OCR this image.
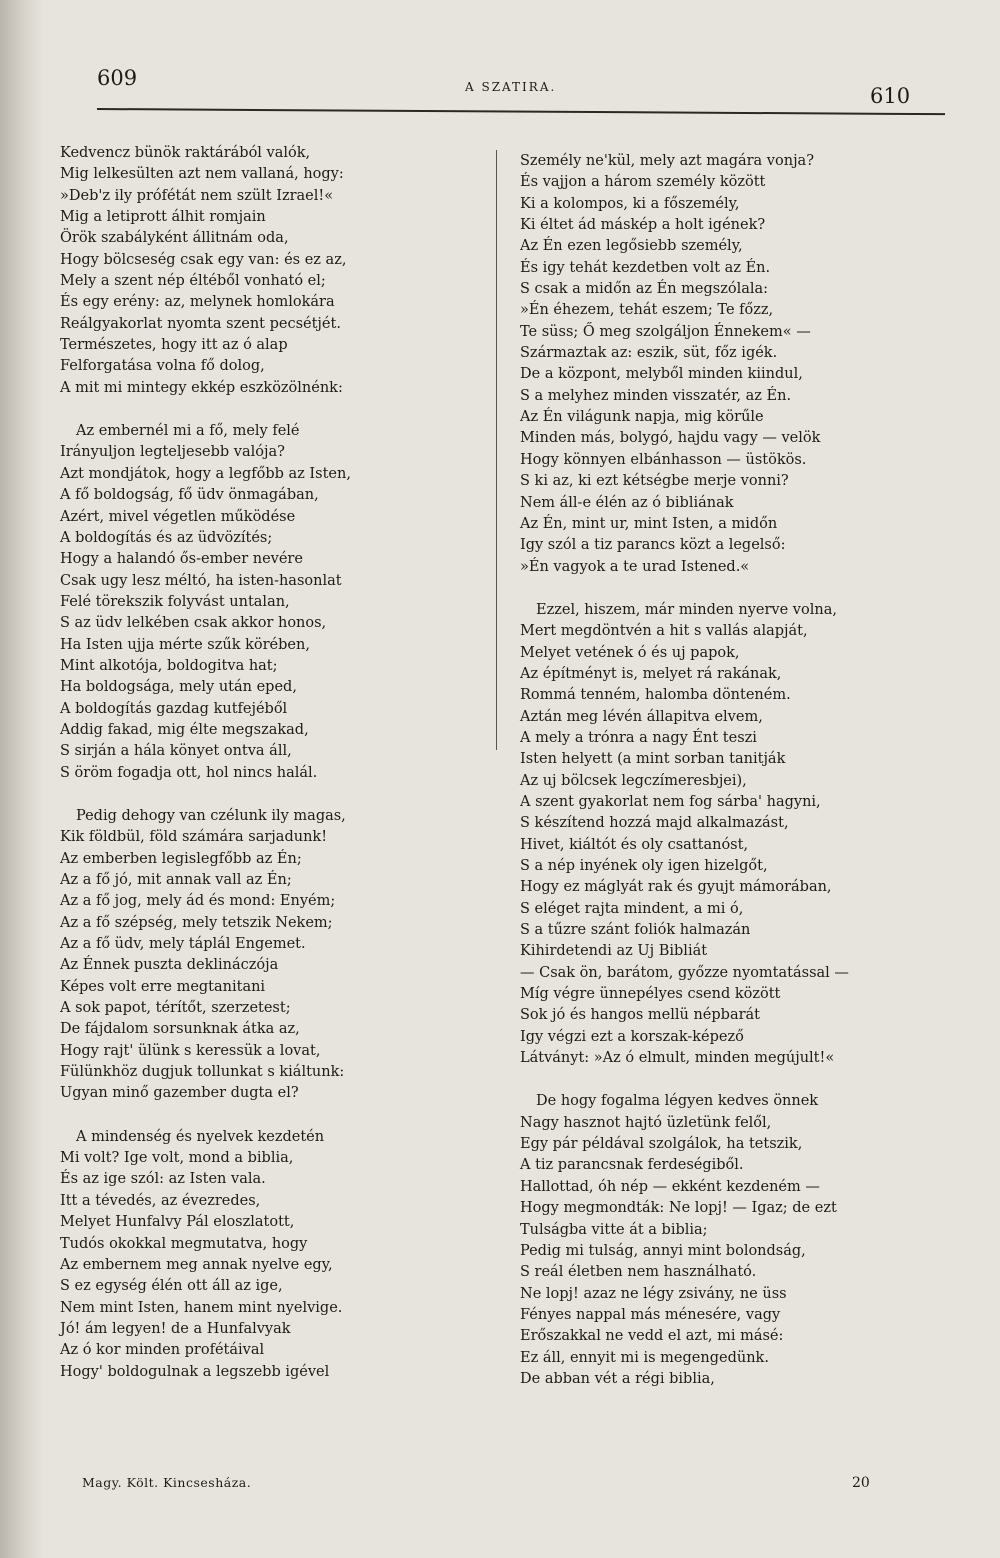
609	A SZATIRA.	610
Kedvencz bünök raktárából valók,
Mig lelkesülten azt nem vallaná, hogy:
»Deb'z ily prófétát nem szült Izrael!«
Mig a letiprott álhit romjain
Örök szabályként állitnám oda,
Hogy bölcseség csak egy van: és ez az,
Mely a szent nép éltéből vonható el;
És egy erény: az, melynek homlokára
Reálgyakorlat nyomta szent pecsétjét.
Természetes, hogy itt az ó alap
Felforgatása volna fő dolog,
A mit mi mintegy ekkép eszközölnénk:
Az embernél mi a fő, mely felé
Irányuljon legteljesebb valója?
Azt mondjátok, hogy a legfőbb az Isten,
A fő boldogság, fő üdv önmagában,
Azért, mivel végetlen működése
A boldogítás és az üdvözítés;
Hogy a halandó ős-ember nevére
Csak ugy lesz méltó, ha isten-hasonlat
Felé törekszik folyvást untalan,
S az üdv lelkében csak akkor honos,
Ha Isten ujja mérte szűk körében,
Mint alkotója, boldogitva hat;
Ha boldogsága, mely után eped,
A boldogítás gazdag kutfejéből
Addig fakad, mig élte megszakad,
S sirján a hála könyet ontva áll,
S öröm fogadja ott, hol nincs halál.
Pedig dehogy van czélunk ily magas,
Kik földbül, föld számára sarjadunk!
Az emberben legislegfőbb az Én;
Az a fő jó, mit annak vall az Én;
Az a fő jog, mely ád és mond: Enyém;
Az a fő szépség, mely tetszik Nekem;
Az a fő üdv, mely táplál Engemet.
Az Énnek puszta deklináczója
Képes volt erre megtanitani
A sok papot, térítőt, szerzetest;
De fájdalom sorsunknak átka az,
Hogy rajt' ülünk s keressük a lovat,
Fülünkhöz dugjuk tollunkat s kiáltunk:
Ugyan minő gazember dugta el?
A mindenség és nyelvek kezdetén
Mi volt? Ige volt, mond a biblia,
És az ige szól: az Isten vala.
Itt a tévedés, az évezredes,
Melyet Hunfalvy Pál eloszlatott,
Tudós okokkal megmutatva, hogy
Az embernem meg annak nyelve egy,
S ez egység élén ott áll az ige,
Nem mint Isten, hanem mint nyelvige.
Jó! ám legyen! de a Hunfalvyak
Az ó kor minden profétáival
Hogy' boldogulnak a legszebb igével
Személy ne'kül, mely azt magára vonja?
És vajjon a három személy között
Ki a kolompos, ki a főszemély,
Ki éltet ád máskép a holt igének?
Az Én ezen legősiebb személy,
És igy tehát kezdetben volt az Én.
S csak a midőn az Én megszólala:
»Én éhezem, tehát eszem; Te főzz,
Te süss; Ő meg szolgáljon Énnekem« —
Származtak az: eszik, süt, főz igék.
De a központ, melyből minden kiindul,
S a melyhez minden visszatér, az Én.
Az Én világunk napja, mig körűle
Minden más, bolygó, hajdu vagy — velök
Hogy könnyen elbánhasson — üstökös.
S ki az, ki ezt kétségbe merje vonni?
Nem áll-e élén az ó bibliának
Az Én, mint ur, mint Isten, a midőn
Igy szól a tiz parancs közt a legelső:
»Én vagyok a te urad Istened.«
Ezzel, hiszem, már minden nyerve volna,
Mert megdöntvén a hit s vallás alapját,
Melyet vetének ó és uj papok,
Az építményt is, melyet rá rakának,
Rommá tenném, halomba dönteném.
Aztán meg lévén állapitva elvem,
A mely a trónra a nagy Ént teszi
Isten helyett (a mint sorban tanitják
Az uj bölcsek legczímeresbjei),
A szent gyakorlat nem fog sárba' hagyni,
S készítend hozzá majd alkalmazást,
Hivet, kiáltót és oly csattanóst,
S a nép inyének oly igen hizelgőt,
Hogy ez máglyát rak és gyujt mámorában,
S eléget rajta mindent, a mi ó,
S a tűzre szánt foliók halmazán
Kihirdetendi az Uj Bibliát
— Csak ön, barátom, győzze nyomtatással —
Míg végre ünnepélyes csend között
Sok jó és hangos mellü népbarát
Igy végzi ezt a korszak-képező
Látványt: »Az ó elmult, minden megújult!«
De hogy fogalma légyen kedves önnek
Nagy hasznot hajtó üzletünk felől,
Egy pár példával szolgálok, ha tetszik,
A tiz parancsnak ferdeségiből.
Hallottad, óh nép — ekként kezdeném —
Hogy megmondták: Ne lopj! — Igaz; de ezt
Tulságba vitte át a biblia;
Pedig mi tulság, annyi mint bolondság,
S reál életben nem használható.
Ne lopj! azaz ne légy zsivány, ne üss
Fényes nappal más ménesére, vagy
Erőszakkal ne vedd el azt, mi másé:
Ez áll, ennyit mi is megengedünk.
De abban vét a régi biblia,
Magy. Költ. Kincsesháza.	20
